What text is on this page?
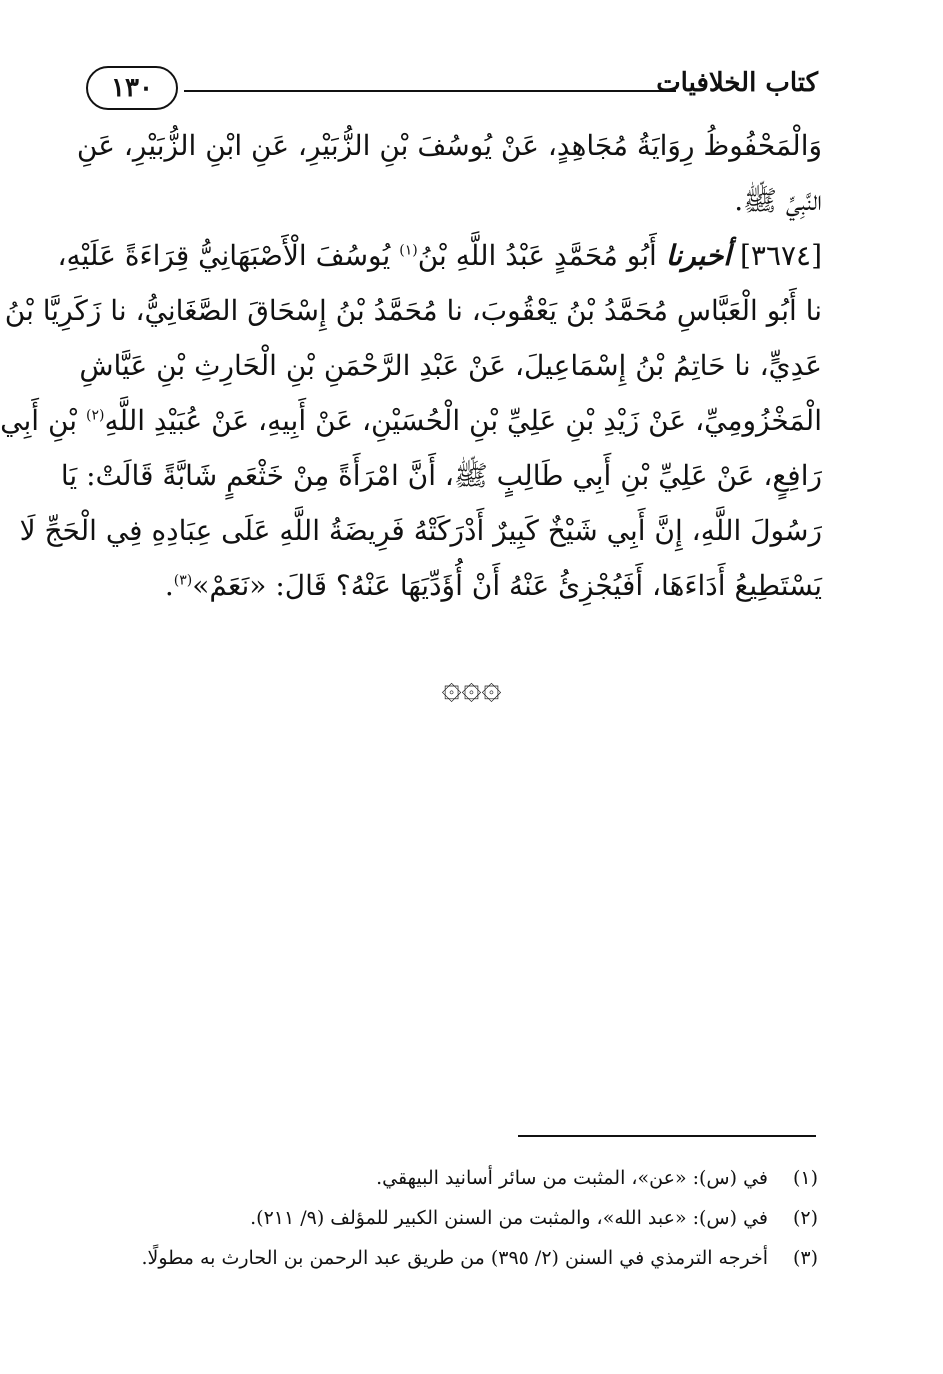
١٣٠	كتاب الخلافيات
وَالْمَحْفُوظُ رِوَايَةُ مُجَاهِدٍ، عَنْ يُوسُفَ بْنِ الزُّبَيْرِ، عَنِ ابْنِ الزُّبَيْرِ، عَنِ
النَّبِيِّ ﷺ.
[٣٦٧٤] أخبرنا أَبُو مُحَمَّدٍ عَبْدُ اللَّهِ بْنُ$^{(١)}$ يُوسُفَ الْأَصْبَهَانِيُّ قِرَاءَةً عَلَيْهِ،
نا أَبُو الْعَبَّاسِ مُحَمَّدُ بْنُ يَعْقُوبَ، نا مُحَمَّدُ بْنُ إِسْحَاقَ الصَّغَانِيُّ، نا زَكَرِيَّا بْنُ
عَدِيٍّ، نا حَاتِمُ بْنُ إِسْمَاعِيلَ، عَنْ عَبْدِ الرَّحْمَنِ بْنِ الْحَارِثِ بْنِ عَيَّاشِ
الْمَخْزُومِيِّ، عَنْ زَيْدِ بْنِ عَلِيِّ بْنِ الْحُسَيْنِ، عَنْ أَبِيهِ، عَنْ عُبَيْدِ اللَّهِ$^{(٢)}$ بْنِ أَبِي
رَافِعٍ، عَنْ عَلِيِّ بْنِ أَبِي طَالِبٍ ﷺ، أَنَّ امْرَأَةً مِنْ خَثْعَمٍ شَابَّةً قَالَتْ: يَا
رَسُولَ اللَّهِ، إِنَّ أَبِي شَيْخٌ كَبِيرٌ أَدْرَكَتْهُ فَرِيضَةُ اللَّهِ عَلَى عِبَادِهِ فِي الْحَجِّ لَا
يَسْتَطِيعُ أَدَاءَهَا، أَفَيُجْزِئُ عَنْهُ أَنْ أُؤَدِّيَهَا عَنْهُ؟ قَالَ: «نَعَمْ»$^{(٣)}$.
۞۞۞
(١)في (س): «عن»، المثبت من سائر أسانيد البيهقي.
(٢)في (س): «عبد الله»، والمثبت من السنن الكبير للمؤلف (٩/ ٢١١).
(٣)أخرجه الترمذي في السنن (٢/ ٣٩٥) من طريق عبد الرحمن بن الحارث به مطولًا.
